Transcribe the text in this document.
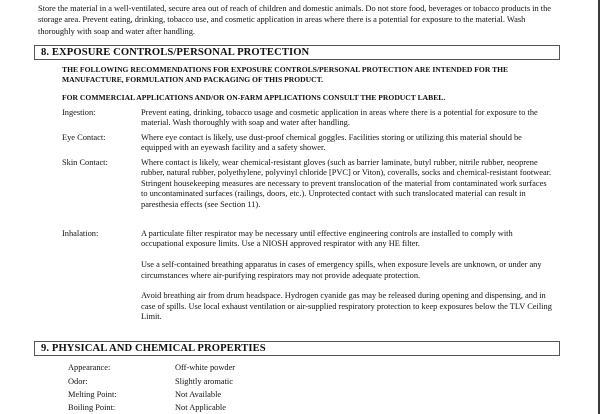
Store the material in a well-ventilated, secure area out of reach of children and domestic animals. Do not store food, beverages or tobacco products in the storage area. Prevent eating, drinking, tobacco use, and cosmetic application in areas where there is a potential for exposure to the material. Wash thoroughly with soap and water after handling.
8. EXPOSURE CONTROLS/PERSONAL PROTECTION
THE FOLLOWING RECOMMENDATIONS FOR EXPOSURE CONTROLS/PERSONAL PROTECTION ARE INTENDED FOR THE MANUFACTURE, FORMULATION AND PACKAGING OF THIS PRODUCT.
FOR COMMERCIAL APPLICATIONS AND/OR ON-FARM APPLICATIONS CONSULT THE PRODUCT LABEL.
Ingestion:	Prevent eating, drinking, tobacco usage and cosmetic application in areas where there is a potential for exposure to the material. Wash thoroughly with soap and water after handling.

Eye Contact:	Where eye contact is likely, use dust-proof chemical goggles. Facilities storing or utilizing this material should be equipped with an eyewash facility and a safety shower.

Skin Contact:	Where contact is likely, wear chemical-resistant gloves (such as barrier laminate, butyl rubber, nitrile rubber, neoprene rubber, natural rubber, polyethylene, polyvinyl chloride [PVC] or Viton), coveralls, socks and chemical-resistant footwear.

Stringent housekeeping measures are necessary to prevent translocation of the material from contaminated work surfaces to uncontaminated surfaces (railings, doors, etc.). Unprotected contact with such translocated material can result in paresthesia effects (see Section 11).

Inhalation:	A particulate filter respirator may be necessary until effective engineering controls are installed to comply with occupational exposure limits. Use a NIOSH approved respirator with any HE filter.

Use a self-contained breathing apparatus in cases of emergency spills, when exposure levels are unknown, or under any circumstances where air-purifying respirators may not provide adequate protection.

Avoid breathing air from drum headspace. Hydrogen cyanide gas may be released during opening and dispensing, and in case of spills. Use local exhaust ventilation or air-supplied respiratory protection to keep exposures below the TLV Ceiling Limit.

9. PHYSICAL AND CHEMICAL PROPERTIES
Appearance:	Off-white powder
Odor:	Slightly aromatic
Melting Point:	Not Available
Boiling Point:	Not Applicable
